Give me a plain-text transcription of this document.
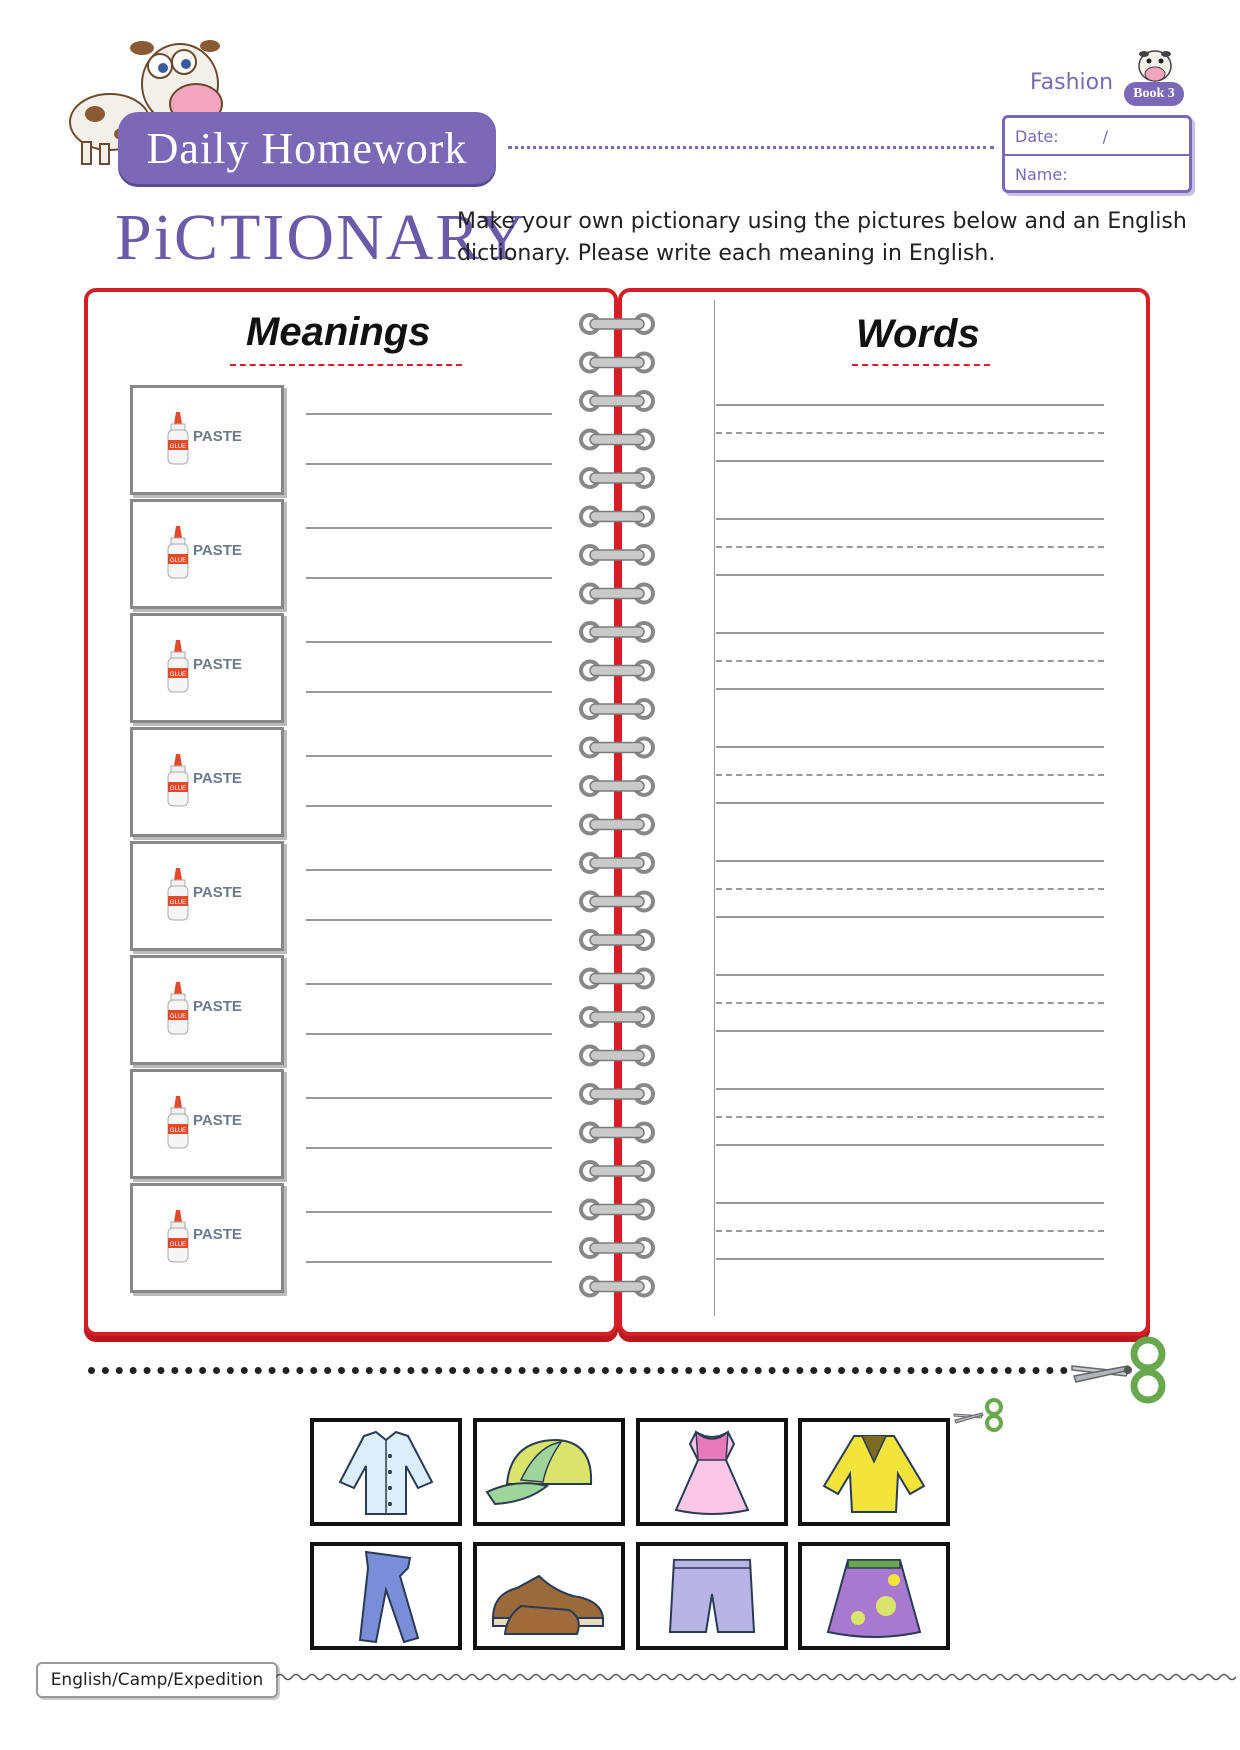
Daily Homework
Fashion	Book 3
Date:	/
Name:
PiCTIONARY
Make your own pictionary using the pictures below and an English dictionary. Please write each meaning in English.
Meanings	Words
GLUE
PASTE
GLUE
PASTE
GLUE
PASTE
GLUE
PASTE
GLUE
PASTE
GLUE
PASTE
GLUE
PASTE
GLUE
PASTE
English/Camp/Expedition
